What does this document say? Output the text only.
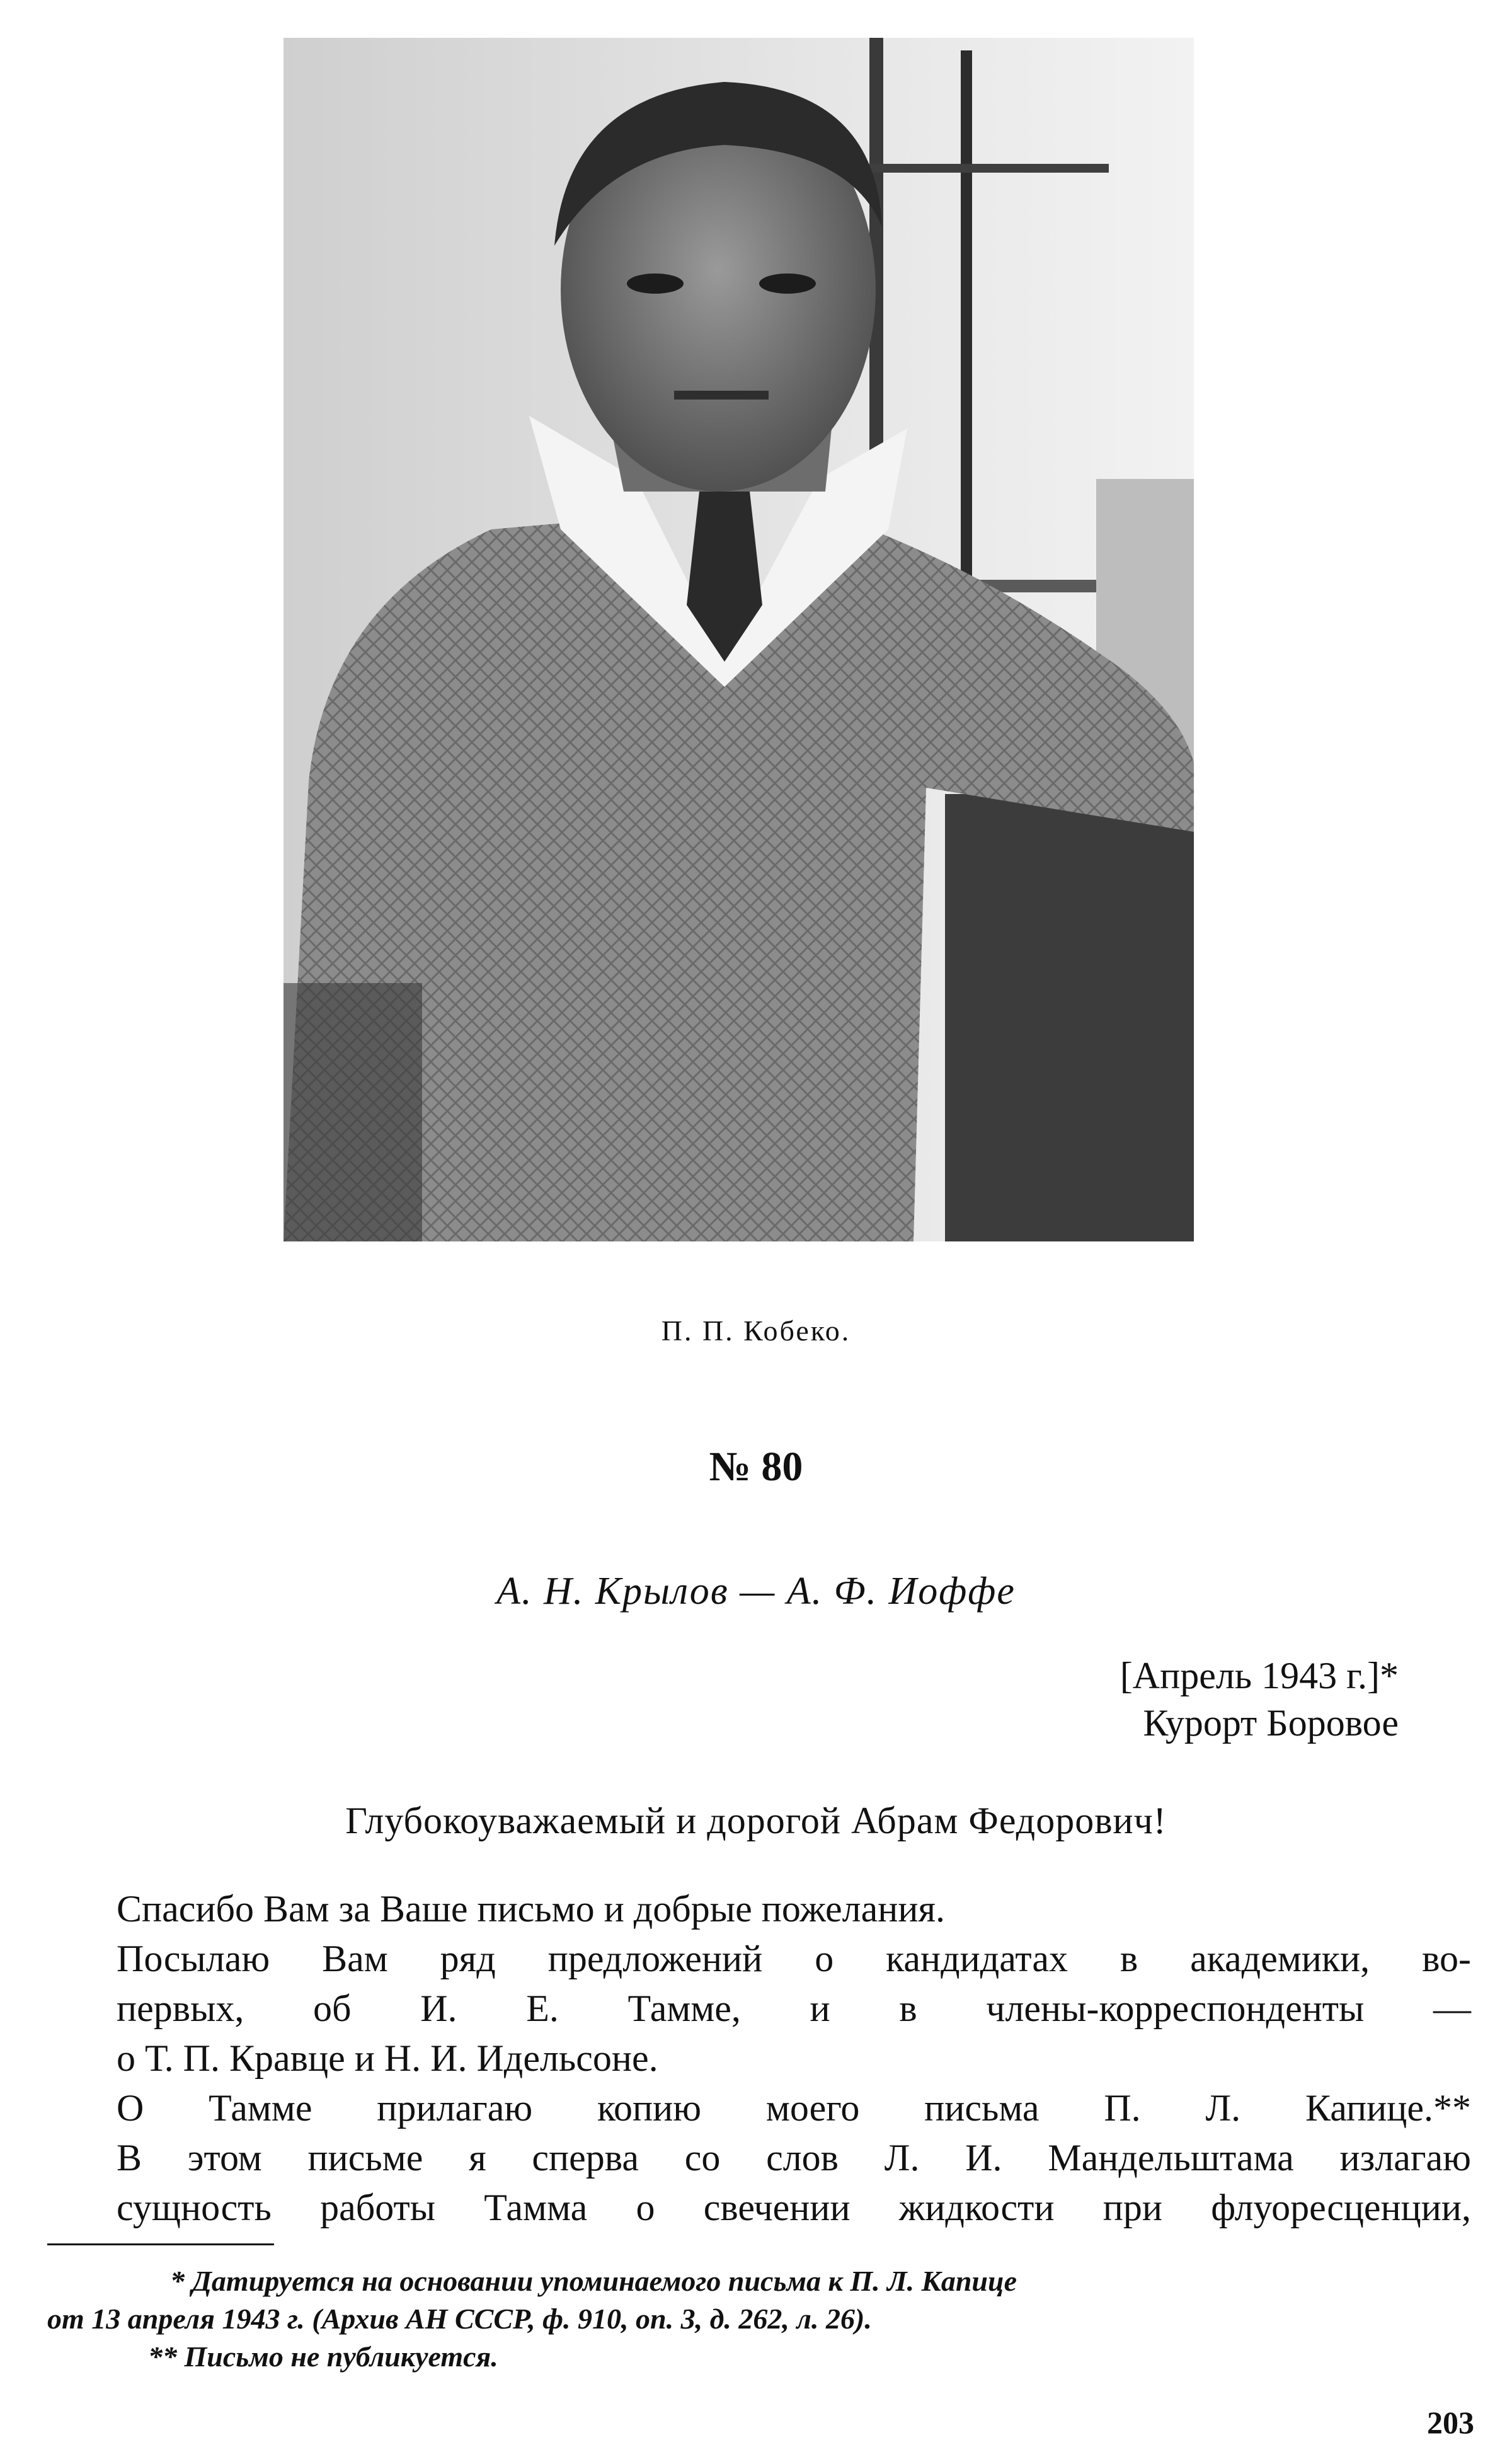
П. П. Кобеко.
№ 80
А. Н. Крылов — А. Ф. Иоффе
[Апрель 1943 г.]*
Курорт Боровое
Глубокоуважаемый и дорогой Абрам Федорович!
Спасибо Вам за Ваше письмо и добрые пожелания.
Посылаю Вам ряд предложений о кандидатах в академики, во-
первых, об И. Е. Тамме, и в члены-корреспонденты —
о Т. П. Кравце и Н. И. Идельсоне.
О Тамме прилагаю копию моего письма П. Л. Капице.**
В этом письме я сперва со слов Л. И. Мандельштама излагаю
сущность работы Тамма о свечении жидкости при флуоресценции,
* Датируется на основании упоминаемого письма к П. Л. Капице
от 13 апреля 1943 г. (Архив АН СССР, ф. 910, оп. 3, д. 262, л. 26).
** Письмо не публикуется.
203
